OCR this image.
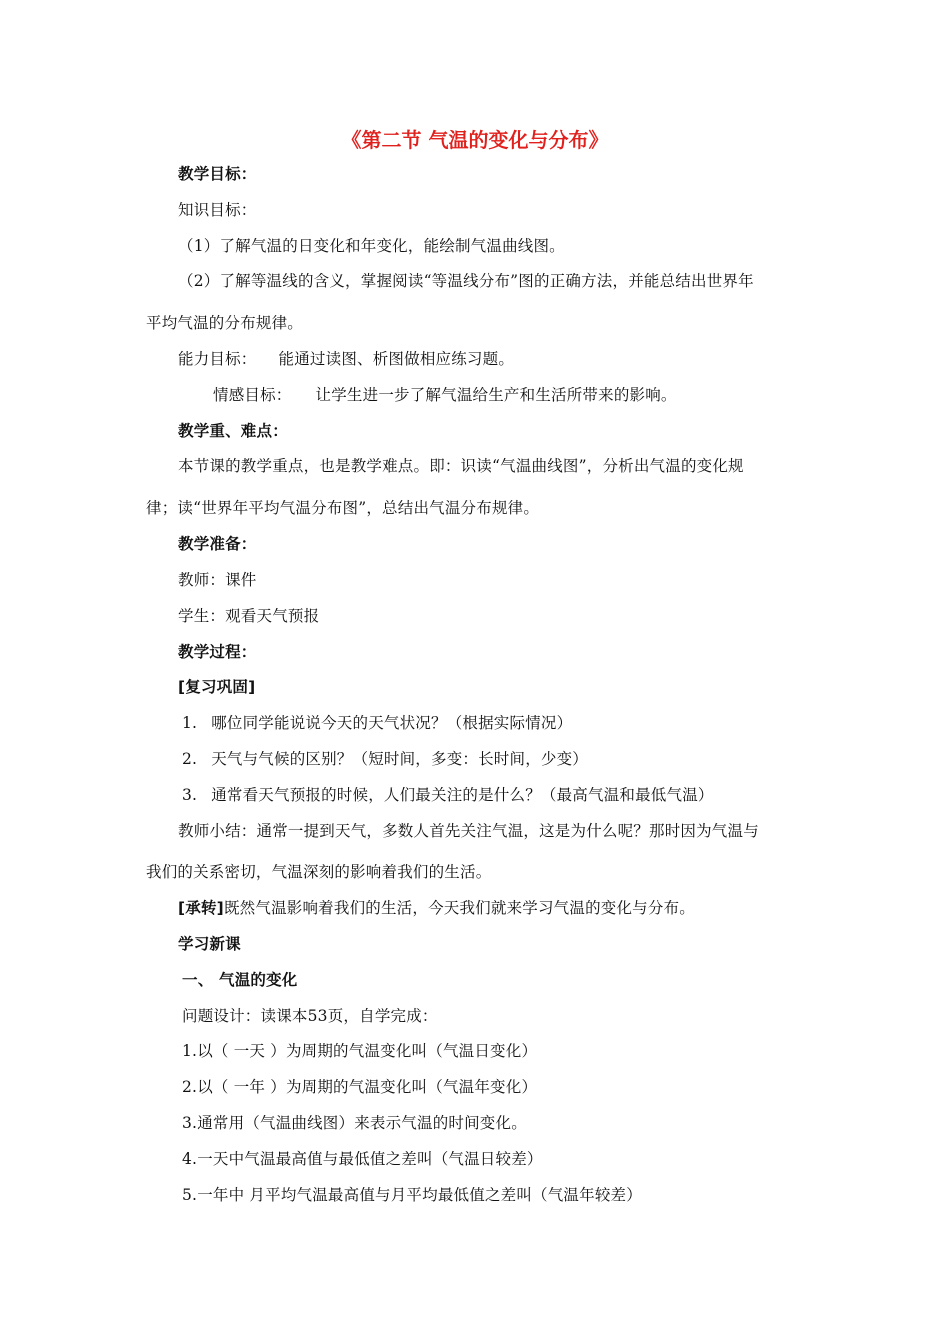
《第二节 气温的变化与分布》
教学目标：
知识目标：
（1）了解气温的日变化和年变化，能绘制气温曲线图。
（2）了解等温线的含义，掌握阅读“等温线分布”图的正确方法，并能总结出世界年
平均气温的分布规律。
能力目标： 能通过读图、析图做相应练习题。
情感目标： 让学生进一步了解气温给生产和生活所带来的影响。
教学重、难点：
本节课的教学重点，也是教学难点。即：识读“气温曲线图”，分析出气温的变化规
律；读“世界年平均气温分布图”，总结出气温分布规律。
教学准备：
教师：课件
学生：观看天气预报
教学过程：
[复习巩固]
1. 哪位同学能说说今天的天气状况？（根据实际情况）
2. 天气与气候的区别？（短时间，多变：长时间，少变）
3. 通常看天气预报的时候，人们最关注的是什么？（最高气温和最低气温）
教师小结：通常一提到天气，多数人首先关注气温，这是为什么呢？那时因为气温与
我们的关系密切，气温深刻的影响着我们的生活。
[承转]既然气温影响着我们的生活，今天我们就来学习气温的变化与分布。
学习新课
一、 气温的变化
问题设计：读课本53页，自学完成：
1.以（ 一天 ）为周期的气温变化叫（气温日变化）
2.以（ 一年 ）为周期的气温变化叫（气温年变化）
3.通常用（气温曲线图）来表示气温的时间变化。
4.一天中气温最高值与最低值之差叫（气温日较差）
5.一年中 月平均气温最高值与月平均最低值之差叫（气温年较差）
